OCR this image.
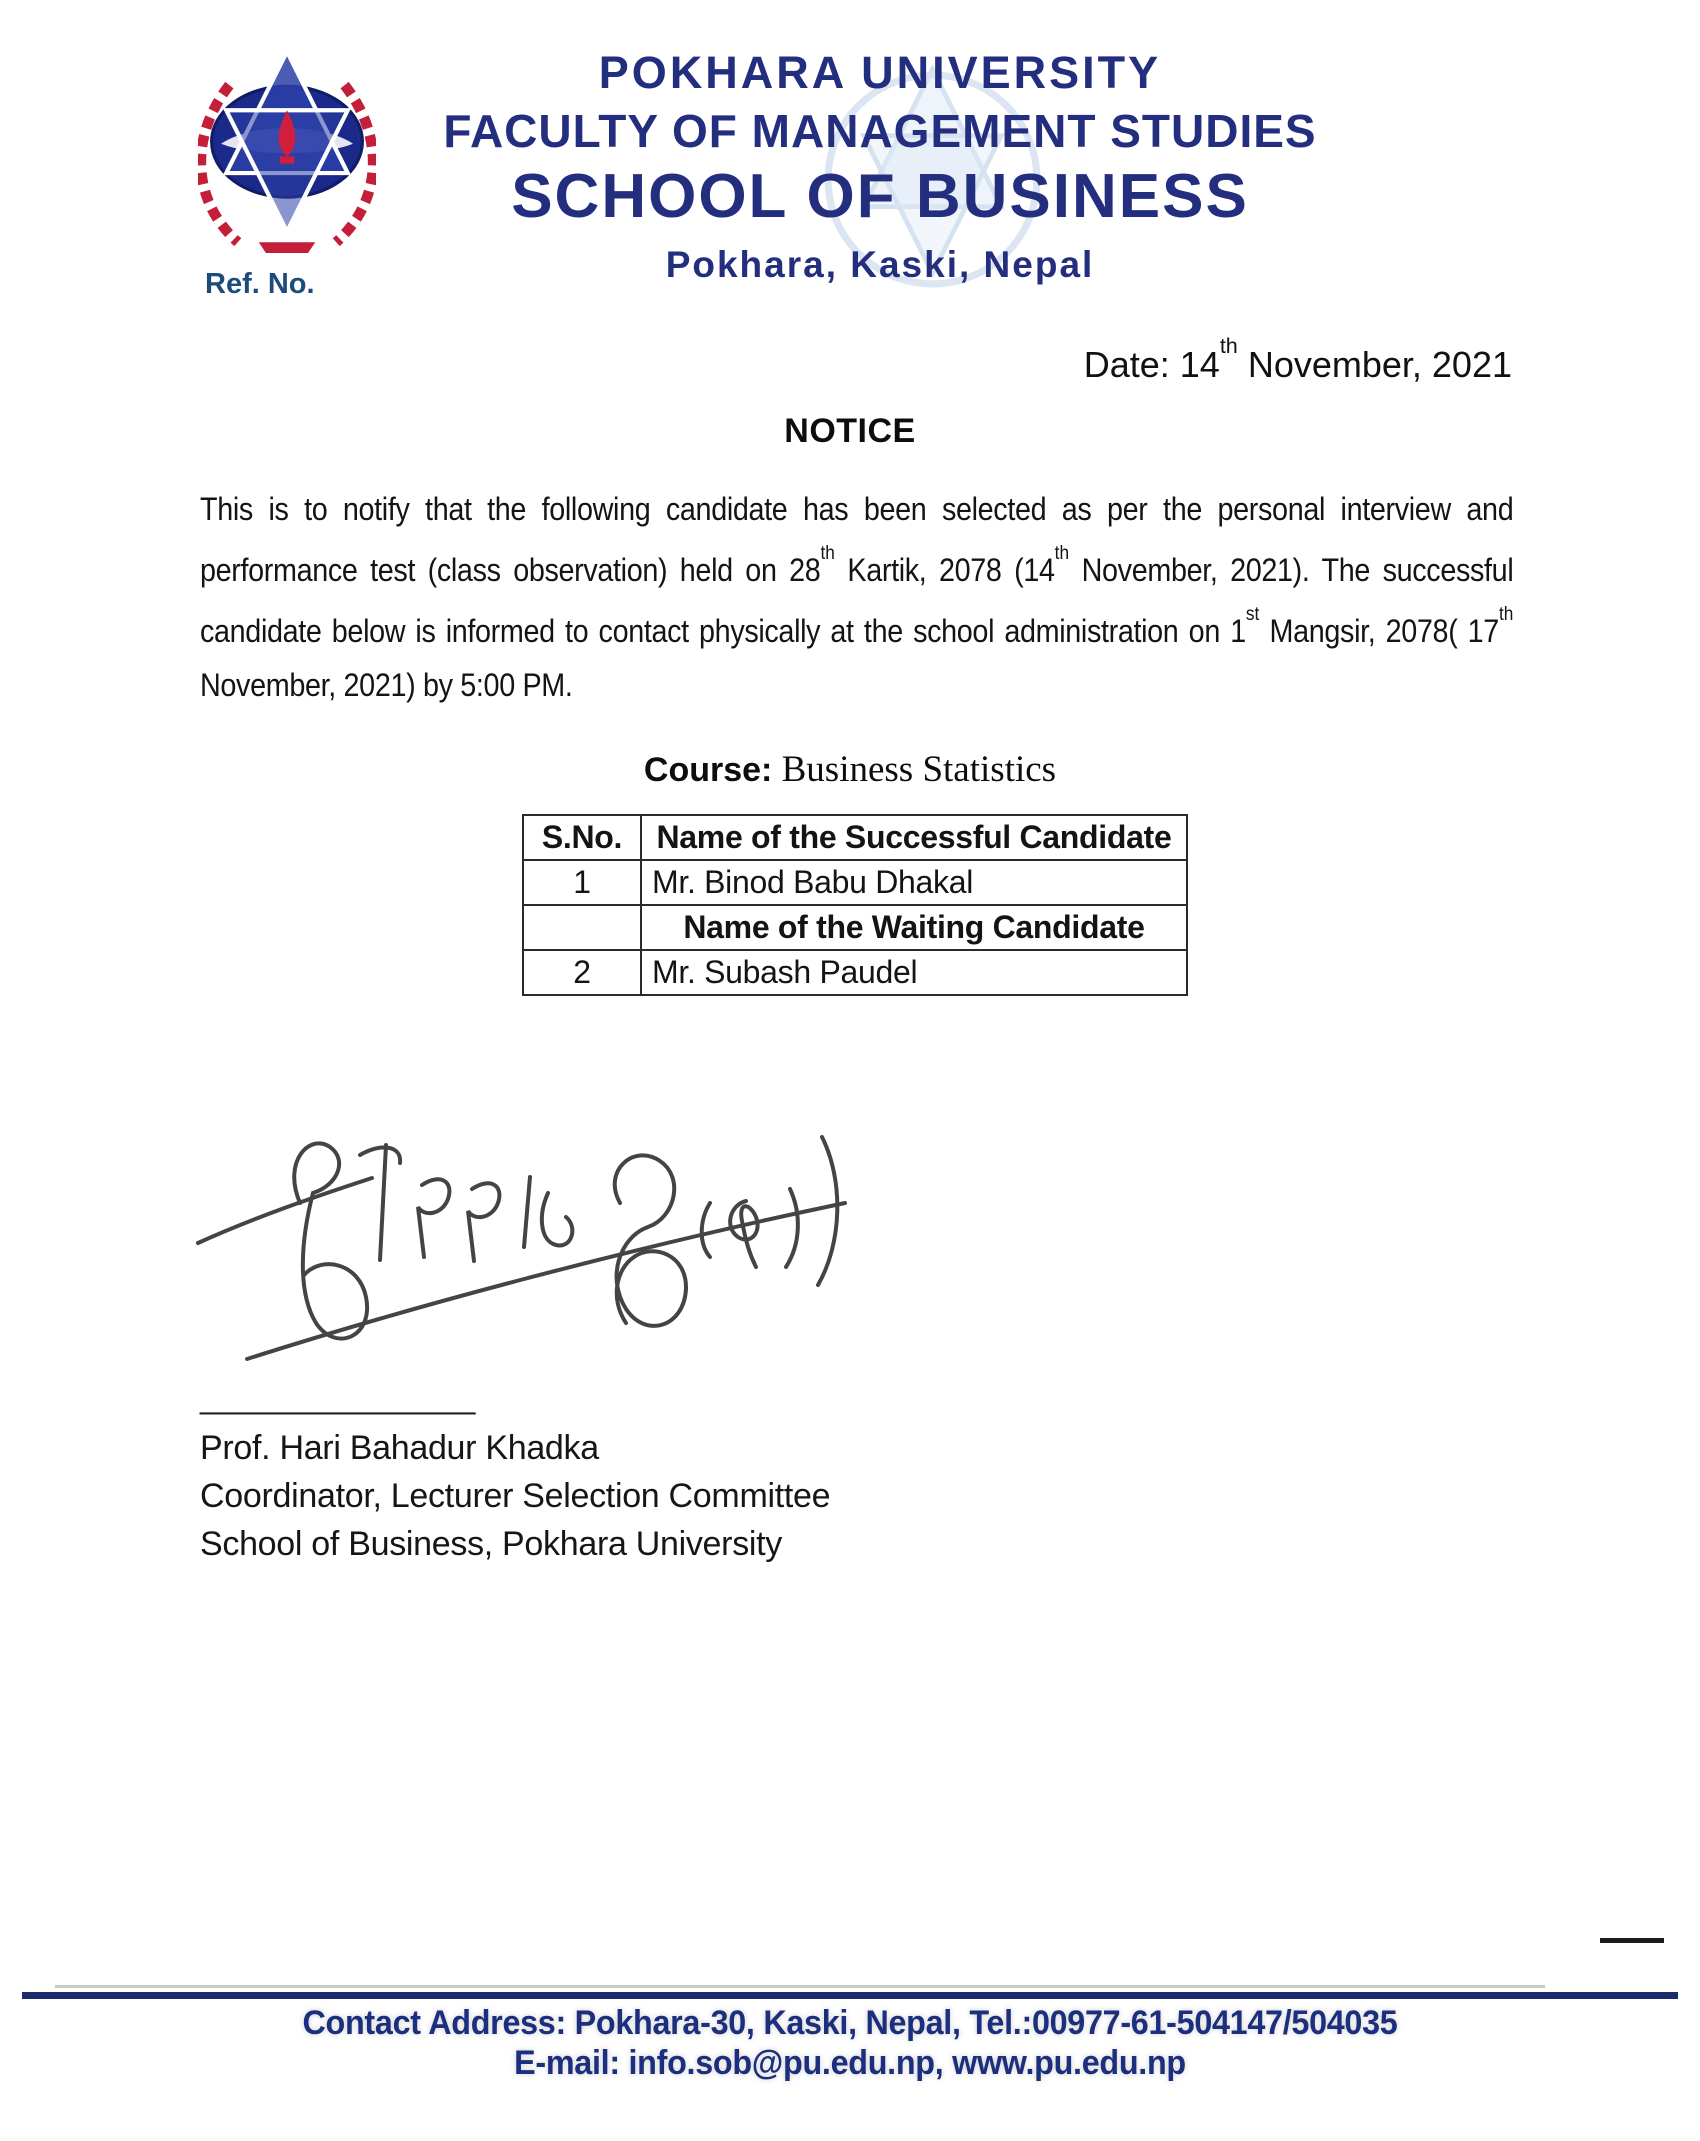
POKHARA UNIVERSITY
FACULTY OF MANAGEMENT STUDIES
SCHOOL OF BUSINESS
Pokhara, Kaski, Nepal
Ref. No.
Date: 14th November, 2021
NOTICE
This is to notify that the following candidate has been selected as per the personal interview and performance test (class observation) held on 28th Kartik, 2078 (14th November, 2021). The successful candidate below is informed to contact physically at the school administration on 1st Mangsir, 2078( 17th November, 2021) by 5:00 PM.
Course: Business Statistics
S.No.	Name of the Successful Candidate
1	Mr. Binod Babu Dhakal
	Name of the Waiting Candidate
2	Mr. Subash Paudel
_______________
Prof. Hari Bahadur Khadka
Coordinator, Lecturer Selection Committee
School of Business, Pokhara University
Contact Address: Pokhara-30, Kaski, Nepal, Tel.:00977-61-504147/504035
E-mail: info.sob@pu.edu.np, www.pu.edu.np
